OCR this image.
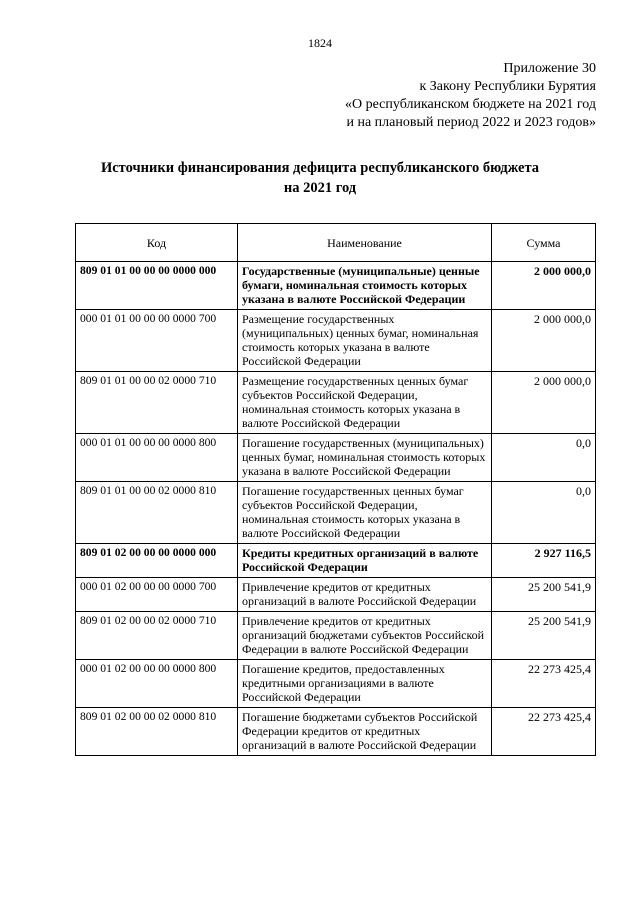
1824
Приложение 30
к Закону Республики Бурятия
«О республиканском бюджете на 2021 год
и на плановый период 2022 и 2023 годов»
Источники финансирования дефицита республиканского бюджета
на 2021 год
Код	Наименование	Сумма
809 01 01 00 00 00 0000 000	Государственные (муниципальные) ценные бумаги, номинальная стоимость которых указана в валюте Российской Федерации	2 000 000,0
000 01 01 00 00 00 0000 700	Размещение государственных (муниципальных) ценных бумаг, номинальная стоимость которых указана в валюте Российской Федерации	2 000 000,0
809 01 01 00 00 02 0000 710	Размещение государственных ценных бумаг субъектов Российской Федерации, номинальная стоимость которых указана в валюте Российской Федерации	2 000 000,0
000 01 01 00 00 00 0000 800	Погашение государственных (муниципальных) ценных бумаг, номинальная стоимость которых указана в валюте Российской Федерации	0,0
809 01 01 00 00 02 0000 810	Погашение государственных ценных бумаг субъектов Российской Федерации, номинальная стоимость которых указана в валюте Российской Федерации	0,0
809 01 02 00 00 00 0000 000	Кредиты кредитных организаций в валюте Российской Федерации	2 927 116,5
000 01 02 00 00 00 0000 700	Привлечение кредитов от кредитных организаций в валюте Российской Федерации	25 200 541,9
809 01 02 00 00 02 0000 710	Привлечение кредитов от кредитных организаций бюджетами субъектов Российской Федерации в валюте Российской Федерации	25 200 541,9
000 01 02 00 00 00 0000 800	Погашение кредитов, предоставленных кредитными организациями в валюте Российской Федерации	22 273 425,4
809 01 02 00 00 02 0000 810	Погашение бюджетами субъектов Российской Федерации кредитов от кредитных организаций в валюте Российской Федерации	22 273 425,4
